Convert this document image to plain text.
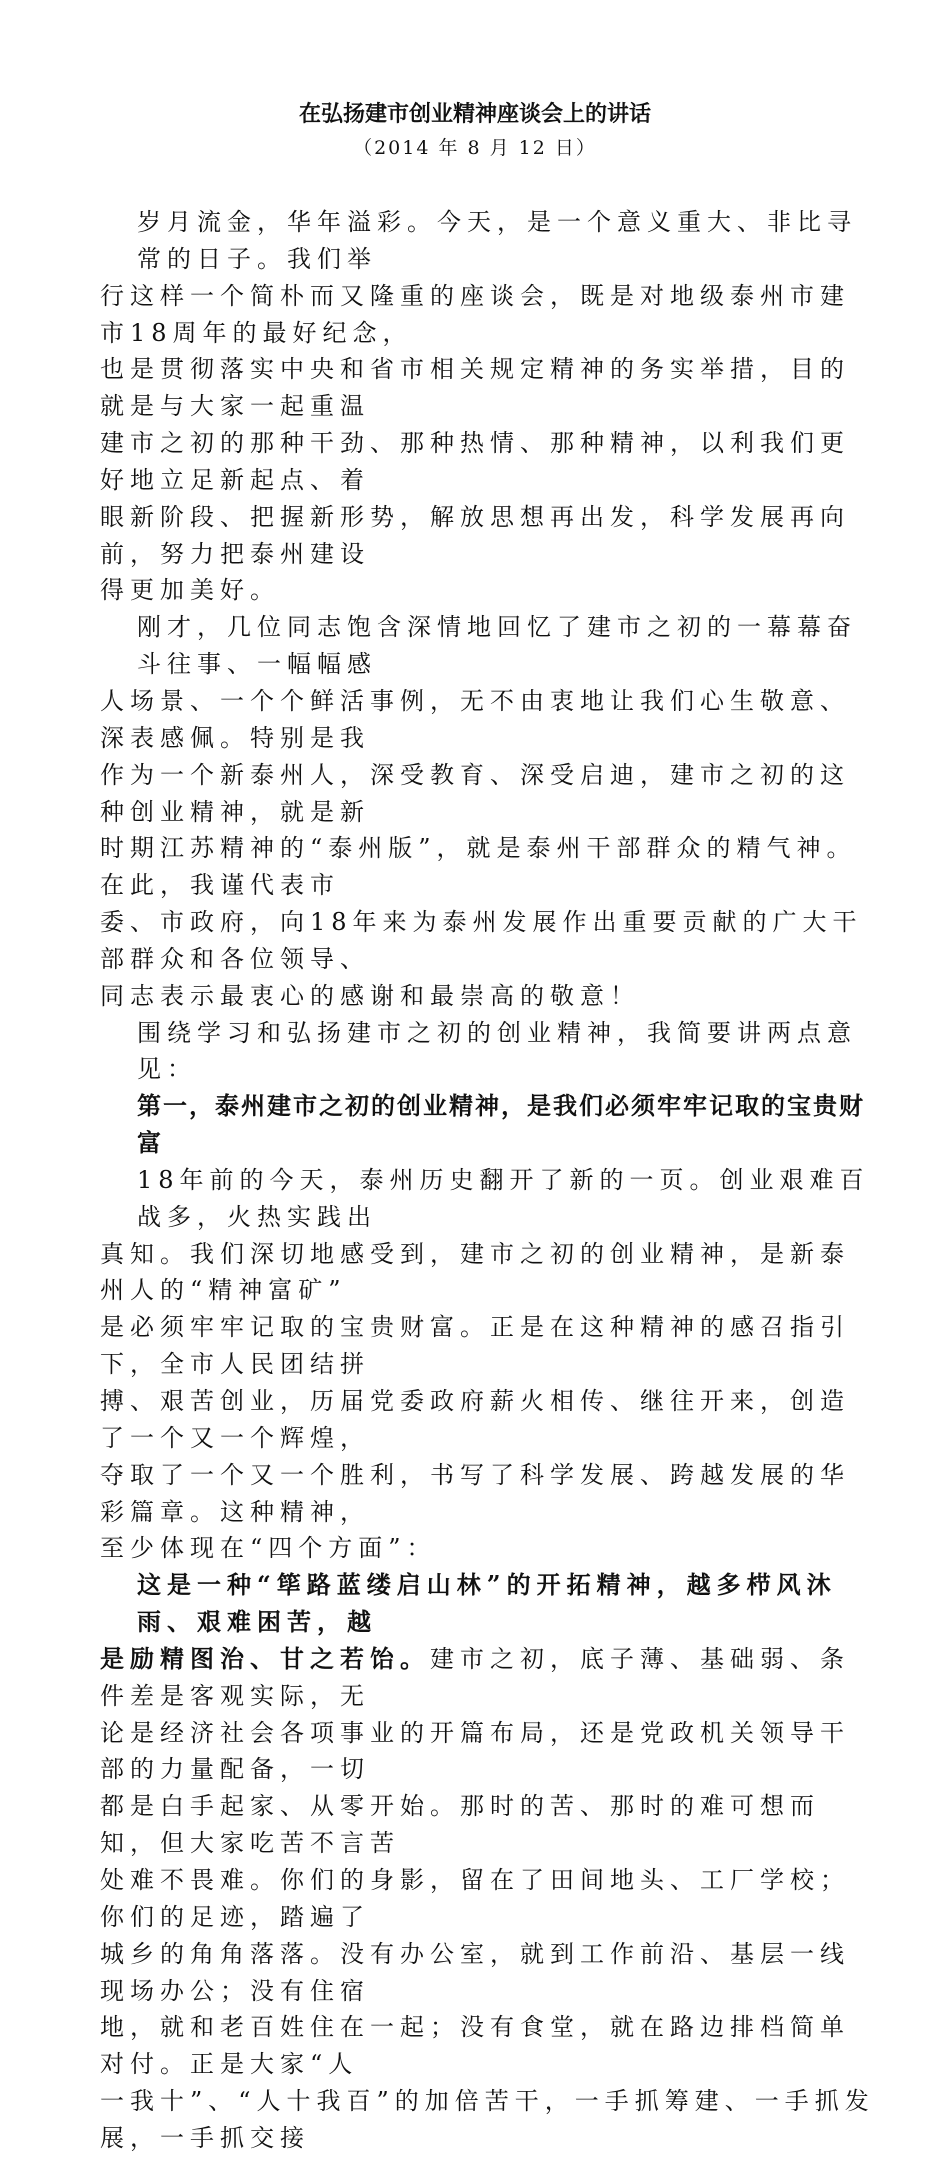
在弘扬建市创业精神座谈会上的讲话
（2014 年 8 月 12 日）
岁月流金，华年溢彩。今天，是一个意义重大、非比寻常的日子。我们举
行这样一个简朴而又隆重的座谈会，既是对地级泰州市建市18周年的最好纪念，
也是贯彻落实中央和省市相关规定精神的务实举措，目的就是与大家一起重温
建市之初的那种干劲、那种热情、那种精神，以利我们更好地立足新起点、着
眼新阶段、把握新形势，解放思想再出发，科学发展再向前，努力把泰州建设
得更加美好。
刚才，几位同志饱含深情地回忆了建市之初的一幕幕奋斗往事、一幅幅感
人场景、一个个鲜活事例，无不由衷地让我们心生敬意、深表感佩。特别是我
作为一个新泰州人，深受教育、深受启迪，建市之初的这种创业精神，就是新
时期江苏精神的“泰州版”，就是泰州干部群众的精气神。在此，我谨代表市
委、市政府，向18年来为泰州发展作出重要贡献的广大干部群众和各位领导、
同志表示最衷心的感谢和最崇高的敬意！
围绕学习和弘扬建市之初的创业精神，我简要讲两点意见：
第一，泰州建市之初的创业精神，是我们必须牢牢记取的宝贵财富
18年前的今天，泰州历史翻开了新的一页。创业艰难百战多，火热实践出
真知。我们深切地感受到，建市之初的创业精神，是新泰州人的“精神富矿”
是必须牢牢记取的宝贵财富。正是在这种精神的感召指引下，全市人民团结拼
搏、艰苦创业，历届党委政府薪火相传、继往开来，创造了一个又一个辉煌，
夺取了一个又一个胜利，书写了科学发展、跨越发展的华彩篇章。这种精神，
至少体现在“四个方面”：
这是一种“筚路蓝缕启山林”的开拓精神，越多栉风沐雨、艰难困苦，越
是励精图治、甘之若饴。建市之初，底子薄、基础弱、条件差是客观实际，无
论是经济社会各项事业的开篇布局，还是党政机关领导干部的力量配备，一切
都是白手起家、从零开始。那时的苦、那时的难可想而知，但大家吃苦不言苦
处难不畏难。你们的身影，留在了田间地头、工厂学校；你们的足迹，踏遍了
城乡的角角落落。没有办公室，就到工作前沿、基层一线现场办公；没有住宿
地，就和老百姓住在一起；没有食堂，就在路边排档简单对付。正是大家“人
一我十”、“人十我百”的加倍苦干，一手抓筹建、一手抓发展，一手抓交接
